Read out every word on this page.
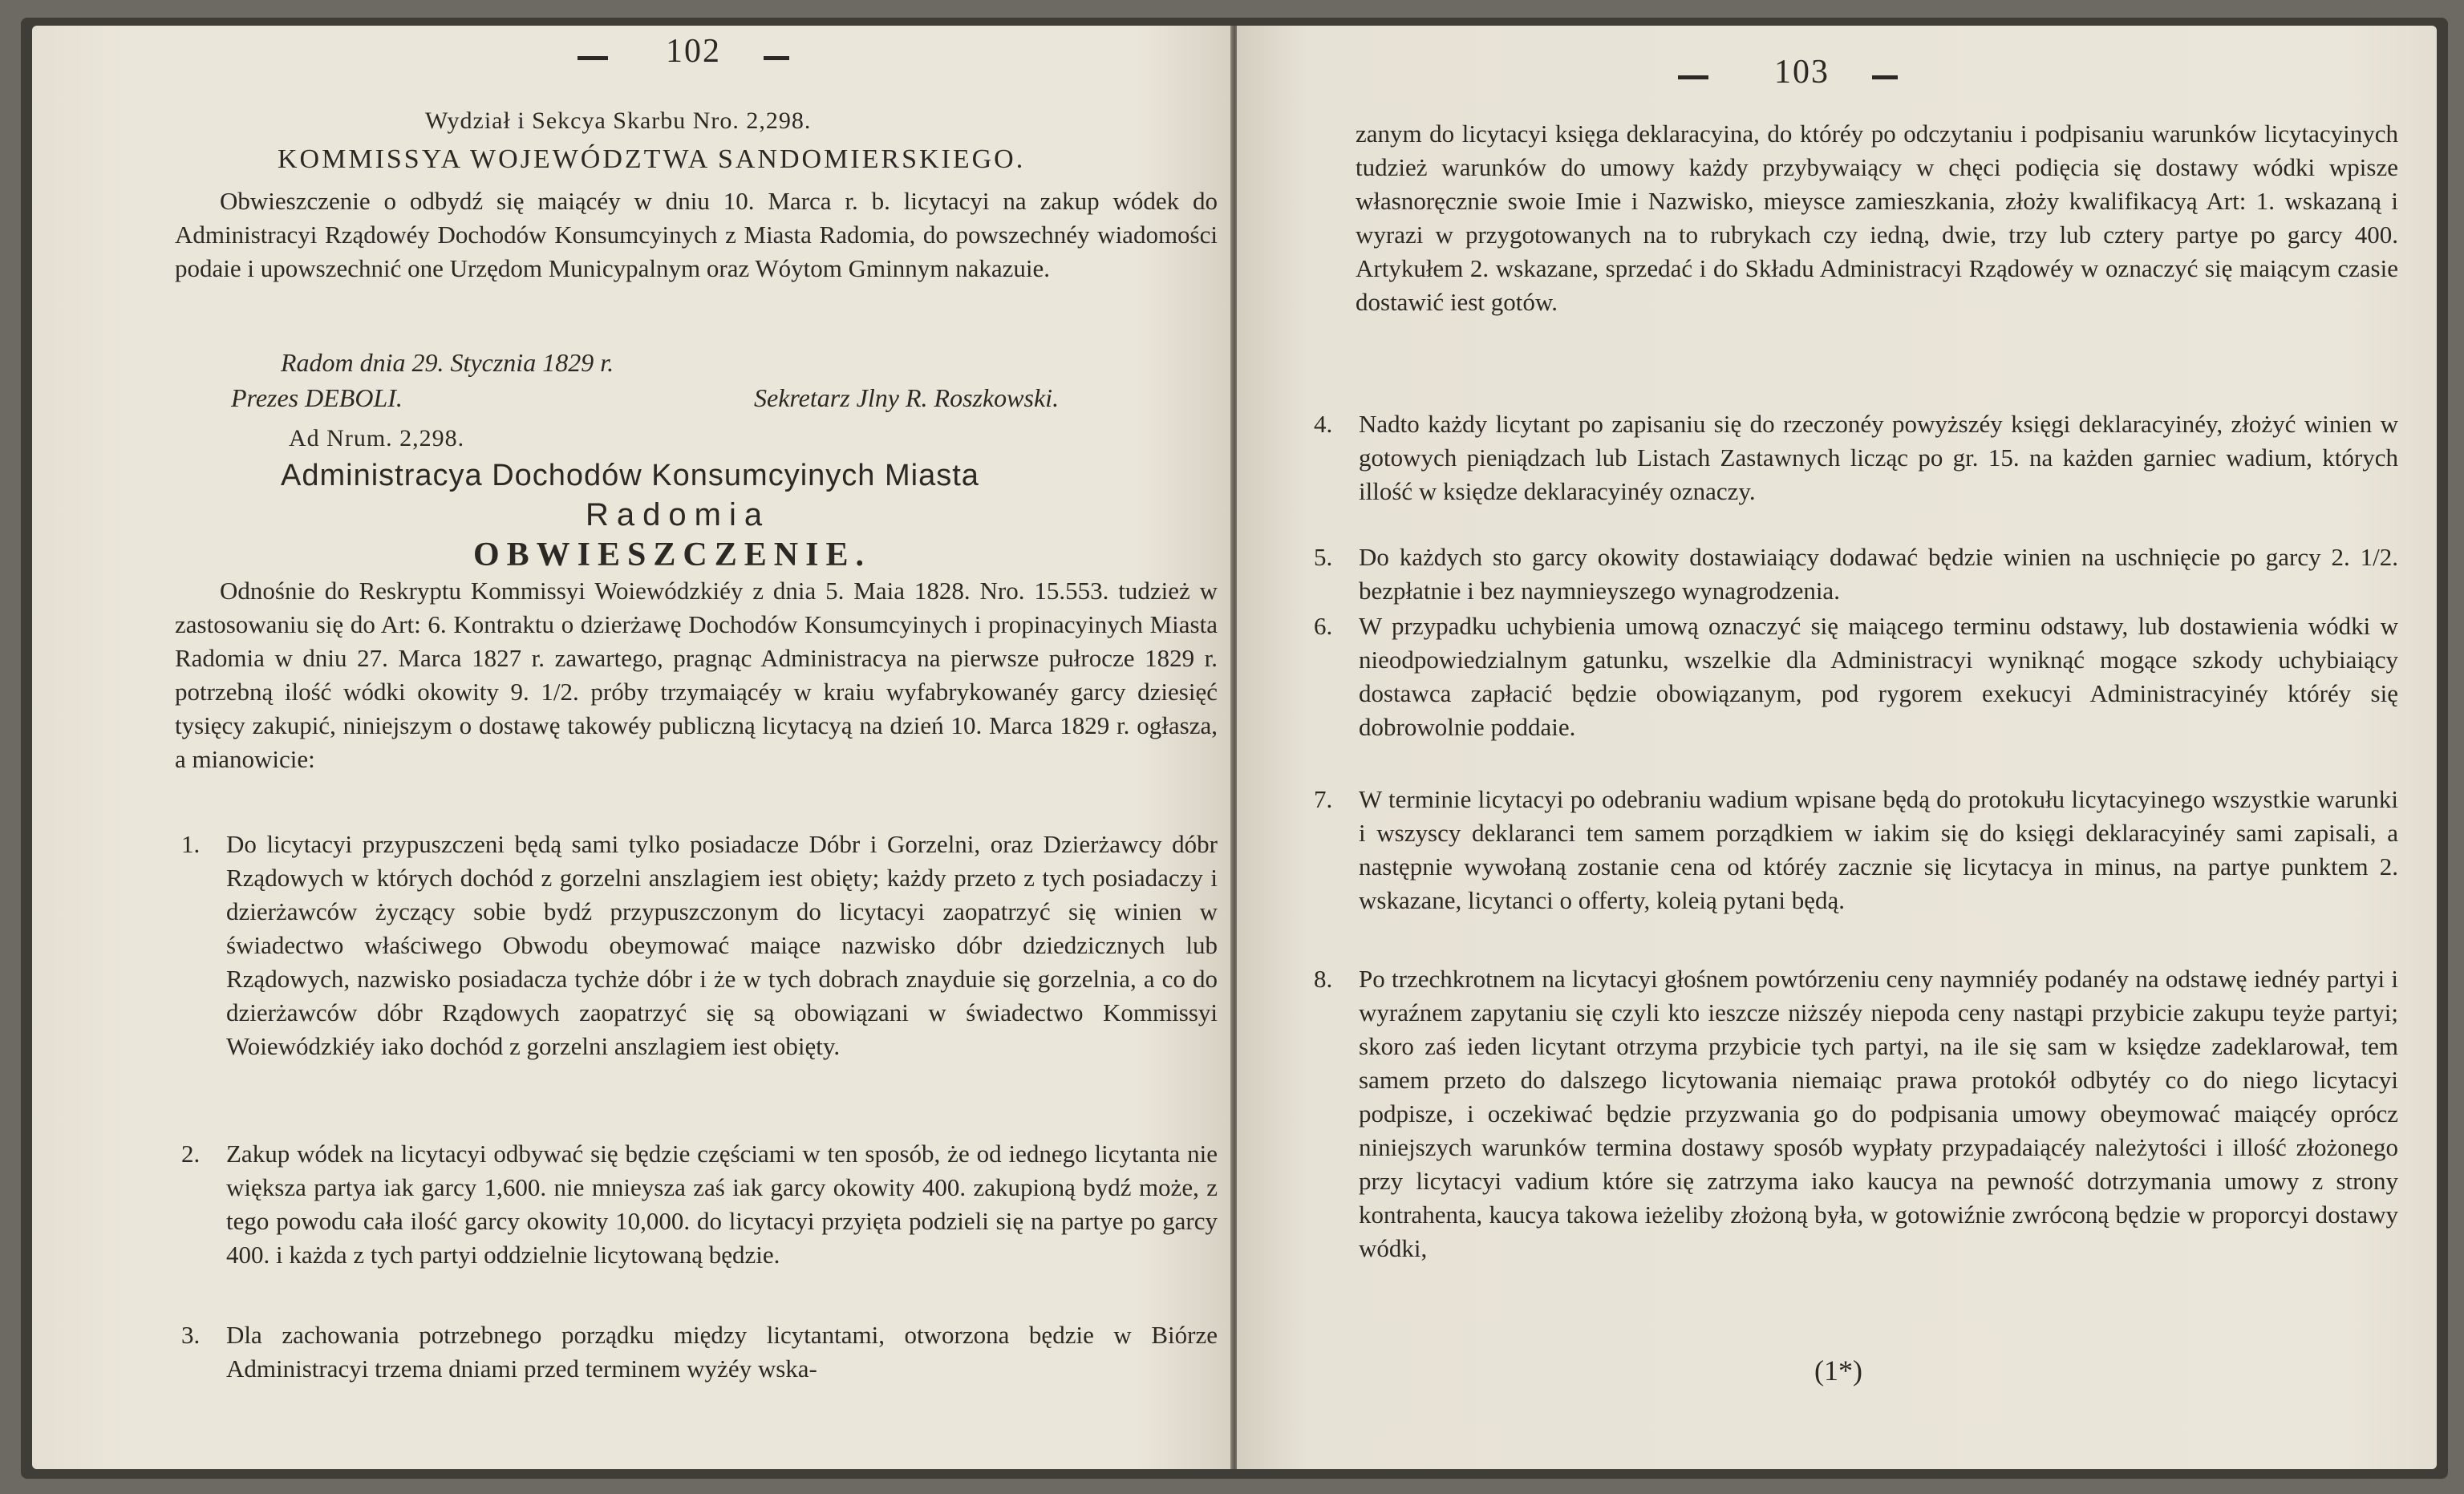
102
Wydział i Sekcya Skarbu Nro. 2,298.
KOMMISSYA WOJEWÓDZTWA SANDOMIERSKIEGO.

Obwieszczenie o odbydź się maiącéy w dniu 10. Marca r. b. licytacyi na zakup wódek do Administracyi Rządowéy Dochodów Konsumcyinych z Miasta Radomia, do powszechnéy wiadomości podaie i upowszechnić one Urzędom Municypalnym oraz Wóytom Gminnym nakazuie.

Radom dnia 29. Stycznia 1829 r.
Prezes DEBOLI.	Sekretarz Jlny R. Roszkowski.
Ad Nrum. 2,298.
Administracya Dochodów Konsumcyinych Miasta
Radomia
OBWIESZCZENIE.

Odnośnie do Reskryptu Kommissyi Woiewódzkiéy z dnia 5. Maia 1828. Nro. 15.553. tudzież w zastosowaniu się do Art: 6. Kontraktu o dzierżawę Dochodów Konsumcyinych i propinacyinych Miasta Radomia w dniu 27. Marca 1827 r. zawartego, pragnąc Administracya na pierwsze pułrocze 1829 r. potrzebną ilość wódki okowity 9. 1/2. próby trzymaiącéy w kraiu wyfabrykowanéy garcy dziesięć tysięcy zakupić, niniejszym o dostawę takowéy publiczną licytacyą na dzień 10. Marca 1829 r. ogłasza, a mianowicie:

1. Do licytacyi przypuszczeni będą sami tylko posiadacze Dóbr i Gorzelni, oraz Dzierżawcy dóbr Rządowych w których dochód z gorzelni anszlagiem iest obięty; każdy przeto z tych posiadaczy i dzierżawców życzący sobie bydź przypuszczonym do licytacyi zaopatrzyć się winien w świadectwo właściwego Obwodu obeymować maiące nazwisko dóbr dziedzicznych lub Rządowych, nazwisko posiadacza tychże dóbr i że w tych dobrach znayduie się gorzelnia, a co do dzierżawców dóbr Rządowych zaopatrzyć się są obowiązani w świadectwo Kommissyi Woiewódzkiéy iako dochód z gorzelni anszlagiem iest obięty.
2. Zakup wódek na licytacyi odbywać się będzie częściami w ten sposób, że od iednego licytanta nie większa partya iak garcy 1,600. nie mnieysza zaś iak garcy okowity 400. zakupioną bydź może, z tego powodu cała ilość garcy okowity 10,000. do licytacyi przyięta podzieli się na partye po garcy 400. i każda z tych partyi oddzielnie licytowaną będzie.
3. Dla zachowania potrzebnego porządku między licytantami, otworzona będzie w Biórze Administracyi trzema dniami przed terminem wyżéy wska-
103

zanym do licytacyi księga deklaracyina, do któréy po odczytaniu i podpisaniu warunków licytacyinych tudzież warunków do umowy każdy przybywaiący w chęci podięcia się dostawy wódki wpisze własnoręcznie swoie Imie i Nazwisko, mieysce zamieszkania, złoży kwalifikacyą Art: 1. wskazaną i wyrazi w przygotowanych na to rubrykach czy iedną, dwie, trzy lub cztery partye po garcy 400. Artykułem 2. wskazane, sprzedać i do Składu Administracyi Rządowéy w oznaczyć się maiącym czasie dostawić iest gotów.

4. Nadto każdy licytant po zapisaniu się do rzeczonéy powyższéy księgi deklaracyinéy, złożyć winien w gotowych pieniądzach lub Listach Zastawnych licząc po gr. 15. na każden garniec wadium, których illość w księdze deklaracyinéy oznaczy.
5. Do każdych sto garcy okowity dostawiaiący dodawać będzie winien na uschnięcie po garcy 2. 1/2. bezpłatnie i bez naymnieyszego wynagrodzenia.
6. W przypadku uchybienia umową oznaczyć się maiącego terminu odstawy, lub dostawienia wódki w nieodpowiedzialnym gatunku, wszelkie dla Administracyi wyniknąć mogące szkody uchybiaiący dostawca zapłacić będzie obowiązanym, pod rygorem exekucyi Administracyinéy któréy się dobrowolnie poddaie.
7. W terminie licytacyi po odebraniu wadium wpisane będą do protokułu licytacyinego wszystkie warunki i wszyscy deklaranci tem samem porządkiem w iakim się do księgi deklaracyinéy sami zapisali, a następnie wywołaną zostanie cena od któréy zacznie się licytacya in minus, na partye punktem 2. wskazane, licytanci o offerty, koleią pytani będą.
8. Po trzechkrotnem na licytacyi głośnem powtórzeniu ceny naymniéy podanéy na odstawę iednéy partyi i wyraźnem zapytaniu się czyli kto ieszcze niższéy niepoda ceny nastąpi przybicie zakupu teyże partyi; skoro zaś ieden licytant otrzyma przybicie tych partyi, na ile się sam w księdze zadeklarował, tem samem przeto do dalszego licytowania niemaiąc prawa protokół odbytéy co do niego licytacyi podpisze, i oczekiwać będzie przyzwania go do podpisania umowy obeymować maiącéy oprócz niniejszych warunków termina dostawy sposób wypłaty przypadaiącéy należytości i illość złożonego przy licytacyi vadium które się zatrzyma iako kaucya na pewność dotrzymania umowy z strony kontrahenta, kaucya takowa ieżeliby złożoną była, w gotowiźnie zwróconą będzie w proporcyi dostawy wódki,
(1*)
